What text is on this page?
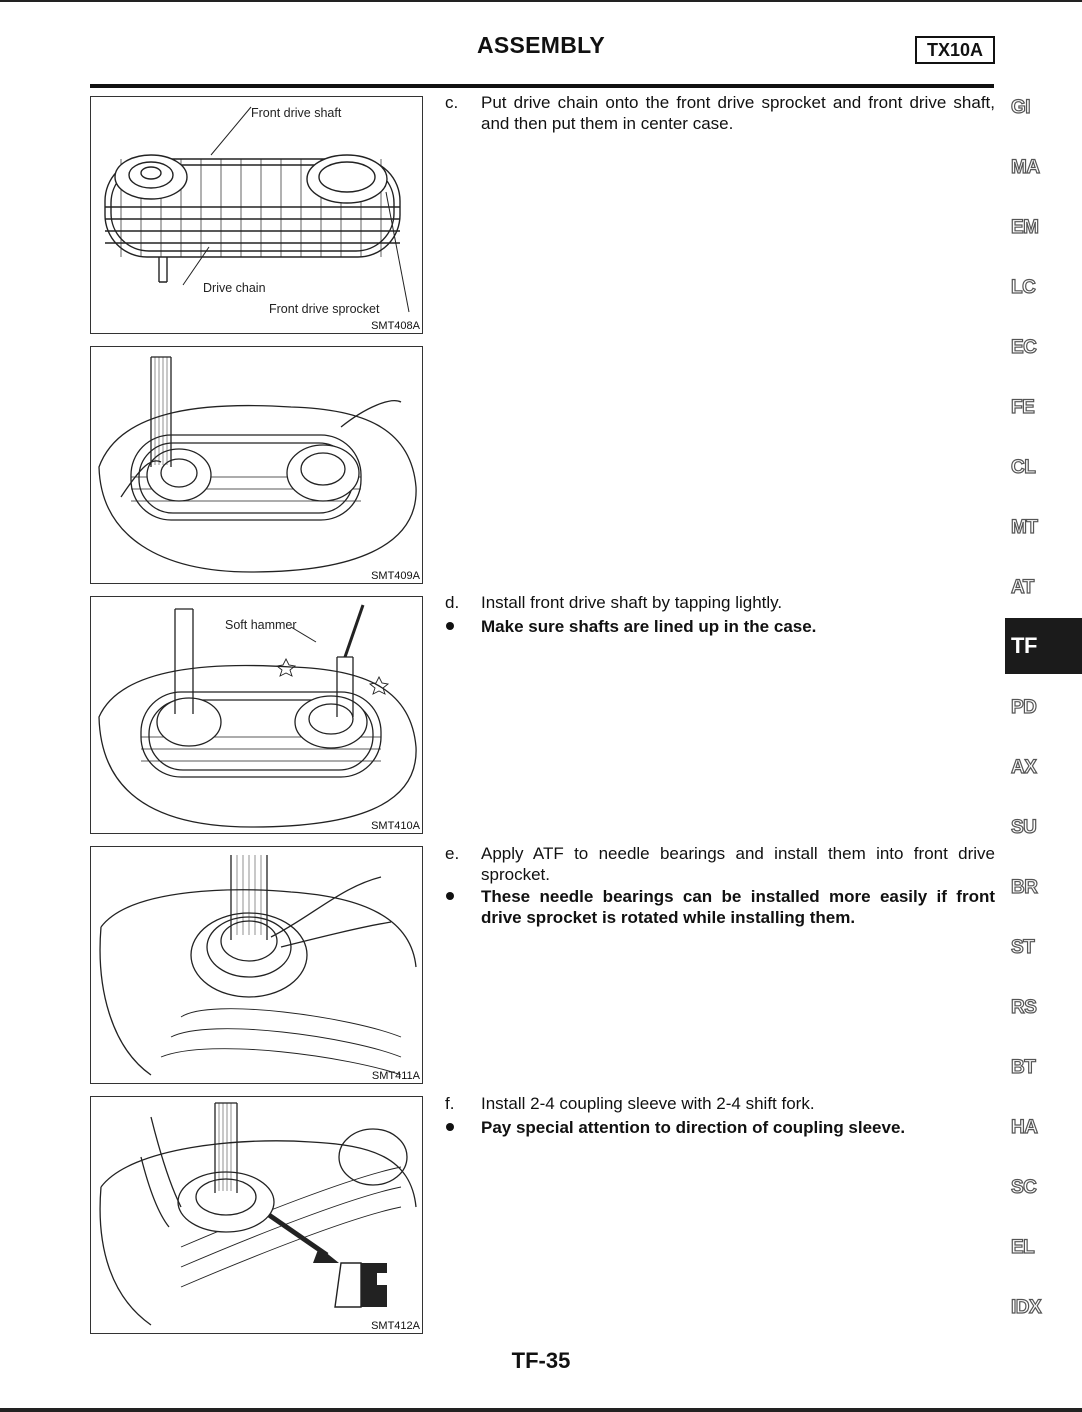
ASSEMBLY	TX10A
Front drive shaft
Drive chain
Front drive sprocket
SMT408A
SMT409A
Soft hammer
SMT410A
SMT411A
SMT412A
c.	Put drive chain onto the front drive sprocket and front drive shaft, and then put them in center case.
d.	Install front drive shaft by tapping lightly.
Make sure shafts are lined up in the case.
e.	Apply ATF to needle bearings and install them into front drive sprocket.
These needle bearings can be installed more easily if front drive sprocket is rotated while installing them.
f.	Install 2-4 coupling sleeve with 2-4 shift fork.
Pay special attention to direction of coupling sleeve.
GI
MA
EM
LC
EC
FE
CL
MT
AT
TF
PD
AX
SU
BR
ST
RS
BT
HA
SC
EL
IDX
TF-35
